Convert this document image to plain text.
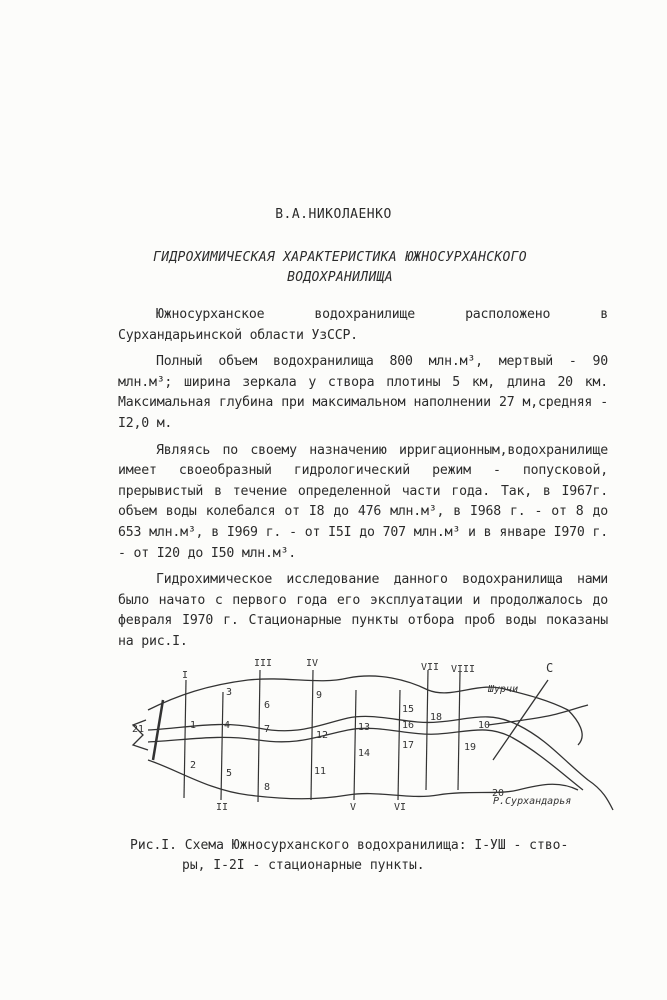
В.А.НИКОЛАЕНКО
ГИДРОХИМИЧЕСКАЯ ХАРАКТЕРИСТИКА ЮЖНОСУРХАНСКОГО
ВОДОХРАНИЛИЩА

Южносурханское водохранилище расположено в Сурхандарьинской области УзССР.

Полный объем водохранилища 800 млн.м³, мертвый - 90 млн.м³; ширина зеркала у створа плотины 5 км, длина 20 км. Максимальная глубина при максимальном наполнении 27 м,средняя - I2,0 м.

Являясь по своему назначению ирригационным,водохранилище имеет своеобразный гидрологический режим - попусковой, прерывистый в течение определенной части года. Так, в I967г. объем воды колебался от I8 до 476 млн.м³, в I968 г. - от 8 до 653 млн.м³, в I969 г. - от I5I до 707 млн.м³ и в январе I970 г. - от I20 до I50 млн.м³.

Гидрохимическое исследование данного водохранилища нами было начато с первого года его эксплуатации и продолжалось до февраля I970 г. Стационарные пункты отбора проб воды показаны на рис.I.

I
II
III	IV
V	VI
VII VIII
1
2
3
4
5
6
7
8
9
10
11
12
13
14
15
16
17
18
19
20
21
Шурчи
С
Р.Сурхандарья
Рис.I. Схема Южносурханского водохранилища: I-УШ - ство-
ры, I-2I - стационарные пункты.
